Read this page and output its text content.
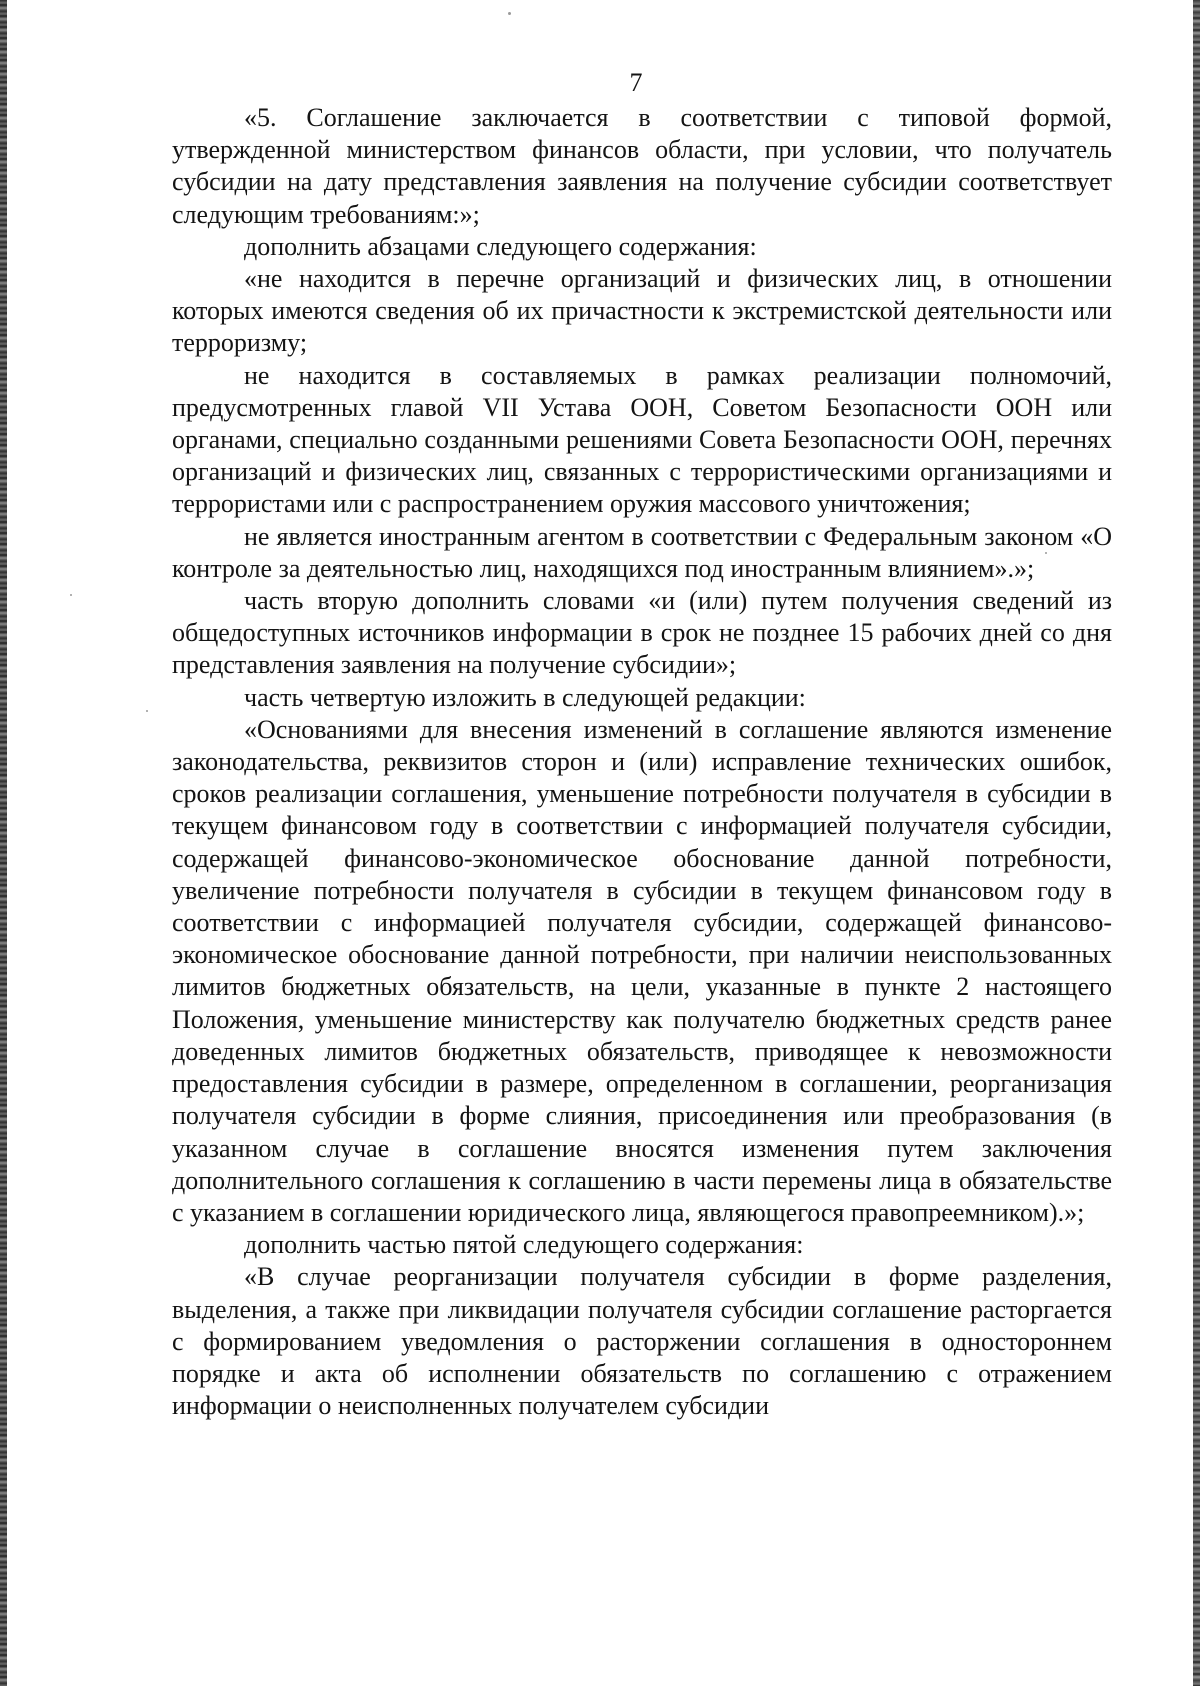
7

«5. Соглашение заключается в соответствии с типовой формой, утвержденной министерством финансов области, при условии, что получатель субсидии на дату представления заявления на получение субсидии соответствует следующим требованиям:»;

дополнить абзацами следующего содержания:

«не находится в перечне организаций и физических лиц, в отношении которых имеются сведения об их причастности к экстремистской деятельности или терроризму;

не находится в составляемых в рамках реализации полномочий, предусмотренных главой VII Устава ООН, Советом Безопасности ООН или органами, специально созданными решениями Совета Безопасности ООН, перечнях организаций и физических лиц, связанных с террористическими организациями и террористами или с распространением оружия массового уничтожения;

не является иностранным агентом в соответствии с Федеральным законом «О контроле за деятельностью лиц, находящихся под иностранным влиянием».»;

часть вторую дополнить словами «и (или) путем получения сведений из общедоступных источников информации в срок не позднее 15 рабочих дней со дня представления заявления на получение субсидии»;

часть четвертую изложить в следующей редакции:

«Основаниями для внесения изменений в соглашение являются изменение законодательства, реквизитов сторон и (или) исправление технических ошибок, сроков реализации соглашения, уменьшение потребности получателя в субсидии в текущем финансовом году в соответствии с информацией получателя субсидии, содержащей финансово-экономическое обоснование данной потребности, увеличение потребности получателя в субсидии в текущем финансовом году в соответствии с информацией получателя субсидии, содержащей финансово-экономическое обоснование данной потребности, при наличии неиспользованных лимитов бюджетных обязательств, на цели, указанные в пункте 2 настоящего Положения, уменьшение министерству как получателю бюджетных средств ранее доведенных лимитов бюджетных обязательств, приводящее к невозможности предоставления субсидии в размере, определенном в соглашении, реорганизация получателя субсидии в форме слияния, присоединения или преобразования (в указанном случае в соглашение вносятся изменения путем заключения дополнительного соглашения к соглашению в части перемены лица в обязательстве с указанием в соглашении юридического лица, являющегося правопреемником).»;

дополнить частью пятой следующего содержания:

«В случае реорганизации получателя субсидии в форме разделения, выделения, а также при ликвидации получателя субсидии соглашение расторгается с формированием уведомления о расторжении соглашения в одностороннем порядке и акта об исполнении обязательств по соглашению с отражением информации о неисполненных получателем субсидии
